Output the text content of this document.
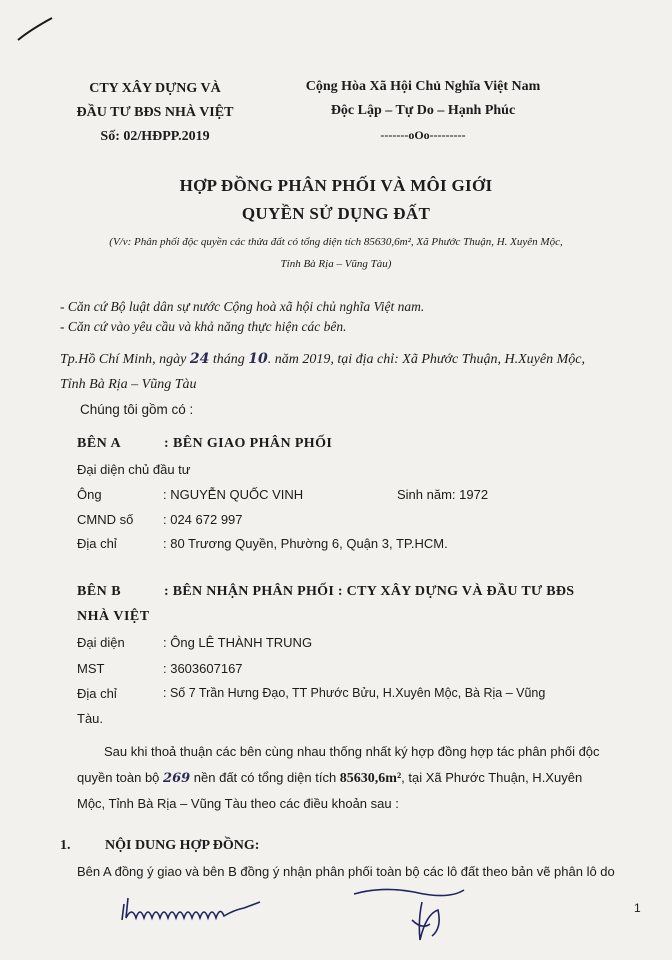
CTY XÂY DỰNG VÀ
ĐẦU TƯ BĐS NHÀ VIỆT
Số: 02/HĐPP.2019
Cộng Hòa Xã Hội Chủ Nghĩa Việt Nam
Độc Lập – Tự Do – Hạnh Phúc
-------oOo---------
HỢP ĐỒNG PHÂN PHỐI VÀ MÔI GIỚI
QUYỀN SỬ DỤNG ĐẤT
(V/v: Phân phối độc quyền các thửa đất có tổng diện tích 85630,6m², Xã Phước Thuận, H. Xuyên Mộc,
Tỉnh Bà Rịa – Vũng Tàu)
- Căn cứ Bộ luật dân sự nước Cộng hoà xã hội chủ nghĩa Việt nam.
- Căn cứ vào yêu cầu và khả năng thực hiện các bên.
Tp.Hồ Chí Minh, ngày 24 tháng 10. năm 2019, tại địa chỉ: Xã Phước Thuận, H.Xuyên Mộc,
Tỉnh Bà Rịa – Vũng Tàu
Chúng tôi gồm có :
BÊN A	: BÊN GIAO PHÂN PHỐI
Đại diện chủ đầu tư
Ông	: NGUYỄN QUỐC VINH	Sinh năm: 1972
CMND số : 024 672 997
Địa chỉ	: 80 Trương Quyền, Phường 6, Quận 3, TP.HCM.
BÊN B	: BÊN NHẬN PHÂN PHỐI : CTY XÂY DỰNG VÀ ĐẦU TƯ BĐS
NHÀ VIỆT
Đại diện	: Ông LÊ THÀNH TRUNG
MST	: 3603607167
Địa chỉ	: Số 7 Trần Hưng Đạo, TT Phước Bửu, H.Xuyên Mộc, Bà Rịa – Vũng
Tàu.
Sau khi thoả thuận các bên cùng nhau thống nhất ký hợp đồng hợp tác phân phối độc
quyền toàn bộ 269 nền đất có tổng diện tích 85630,6m², tại Xã Phước Thuận, H.Xuyên
Mộc, Tỉnh Bà Rịa – Vũng Tàu theo các điều khoản sau :
1. NỘI DUNG HỢP ĐỒNG:
Bên A đồng ý giao và bên B đồng ý nhận phân phối toàn bộ các lô đất theo bản vẽ phân lô do
1
